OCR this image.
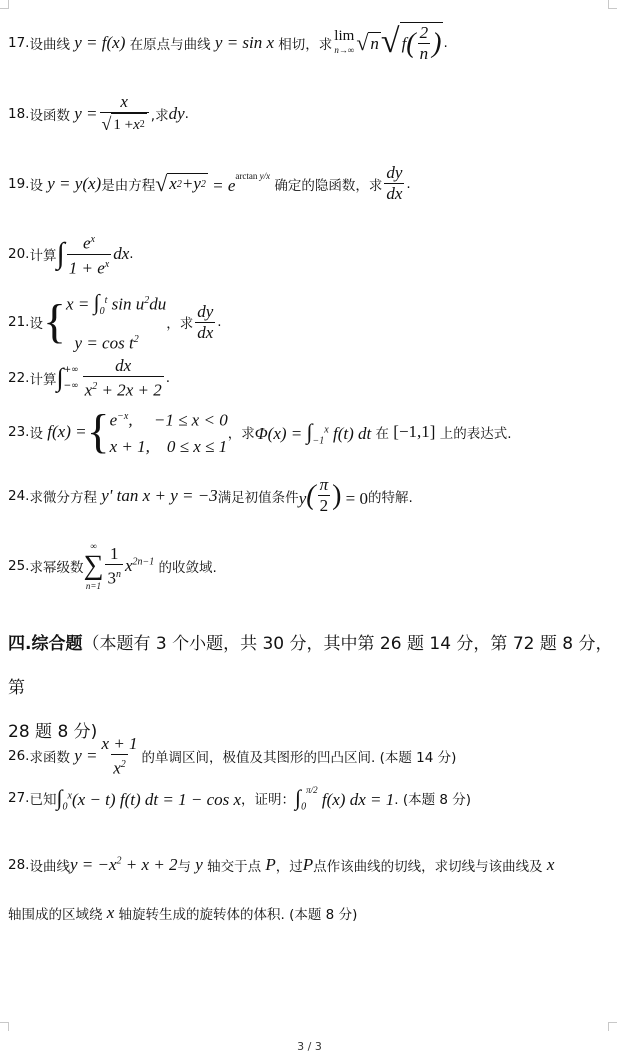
17. 设曲线 y = f(x) 在原点与曲线 y = sin x 相切，求
lim
n→∞ √ n √ f ( $\frac{2}{n}$ ) .
18. 设函数 $y = \frac{x}{√ 1 + x 2}$ ,求 dy .
19. 设 y = y(x) 是由方程 √ x 2 + y $2 = e^{arctan y/x}$
确定的隐函数，求 $\frac{dy}{dx}$ .
20. 计算 ∫ $\frac{e^x}{1 + e^x}$ dx .
21. 设 { $x = \int_0^t$ $\sin u^2du$
$y = \cos t^2$
，求 $\frac{dy}{dx}$ .
22. 计算 ∫ +∞
−∞ $\frac{dx}{x^2 + 2x + 2}$ .
23. 设 f(x) = { $e^{-x}$,     −1 ≤ x < 0
x + 1, 0 ≤ x ≤ 1
，求 $\Phi(x) = \int_{-1}^x$ f(t) dt 在 [−1,1] 上的表达式.
24. 求微分方程 y' tan x + y = −3 满足初值条件 $y( \frac{\pi}{2}$ ) = 0 的特解.
25. 求幂级数
∞
∑
$n=1 \frac{1}{3^n} x^{2n-1}$ 的收敛域.
四.综合题（本题有 3 个小题，共 30 分，其中第 26 题 14 分，第 72 题 8 分，第
28 题 8 分)
26. 求函数 $y = \frac{x + 1}{x^2}$ 的单调区间，极值及其图形的凹凸区间. (本题 14 分)
27. 已知 $\int_0^x(x - t)$ f(t) dt = 1 − cos x ，证明： $\int_0^{\pi/2}$ f(x) dx = 1 . (本题 8 分)
28. 设曲线 $y = -x^2 + x + 2$ 与 y 轴交于点 P ，过 P 点作该曲线的切线，求切线与该曲线及 x
轴围成的区域绕 x 轴旋转生成的旋转体的体积. (本题 8 分)
3 / 3
